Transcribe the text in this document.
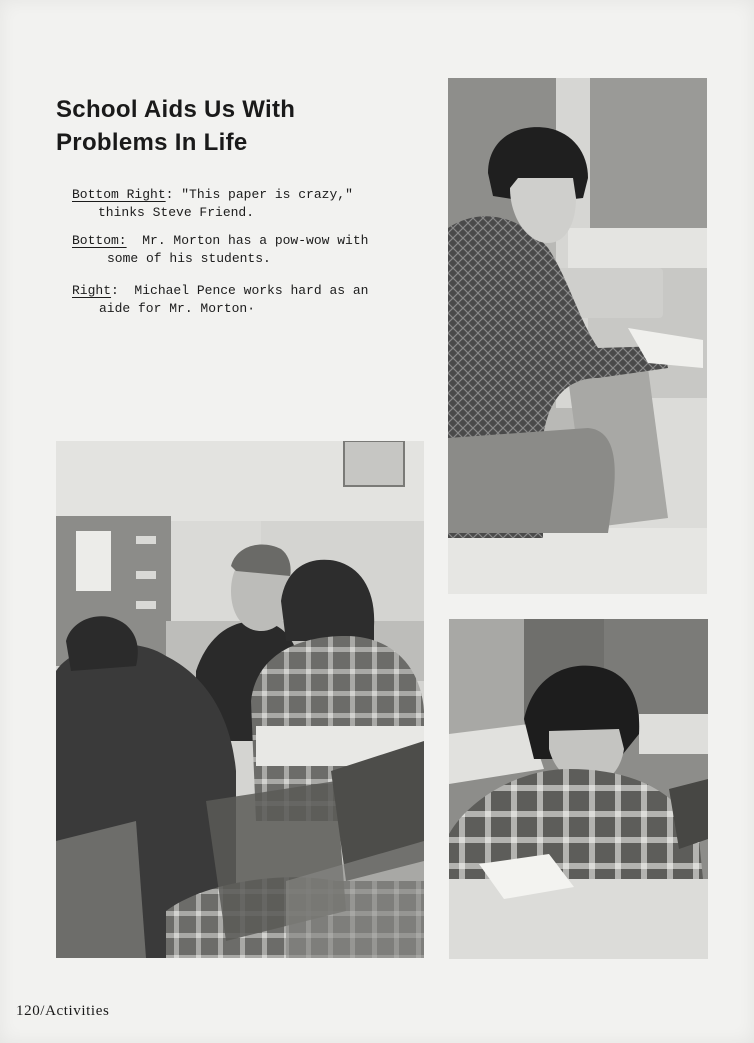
School Aids Us With
Problems In Life
Bottom Right: "This paper is crazy,"
thinks Steve Friend.
Bottom:  Mr. Morton has a pow-wow with
some of his students.
Right:  Michael Pence works hard as an
aide for Mr. Morton·
120/Activities
